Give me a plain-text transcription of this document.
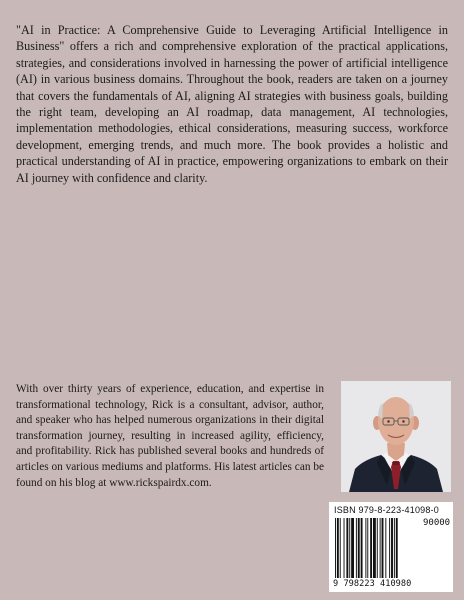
"AI in Practice: A Comprehensive Guide to Leveraging Artificial Intelligence in Business" offers a rich and comprehensive exploration of the practical applications, strategies, and considerations involved in harnessing the power of artificial intelligence (AI) in various business domains. Throughout the book, readers are taken on a journey that covers the fundamentals of AI, aligning AI strategies with business goals, building the right team, developing an AI roadmap, data management, AI technologies, implementation methodologies, ethical considerations, measuring success, workforce development, emerging trends, and much more. The book provides a holistic and practical understanding of AI in practice, empowering organizations to embark on their AI journey with confidence and clarity.

With over thirty years of experience, education, and expertise in transformational technology, Rick is a consultant, advisor, author, and speaker who has helped numerous organizations in their digital transformation journey, resulting in increased agility, efficiency, and profitability. Rick has published several books and hundreds of articles on various mediums and platforms. His latest articles can be found on his blog at www.rickspairdx.com.

ISBN 979-8-223-41098-0
90000
9 798223 410980
